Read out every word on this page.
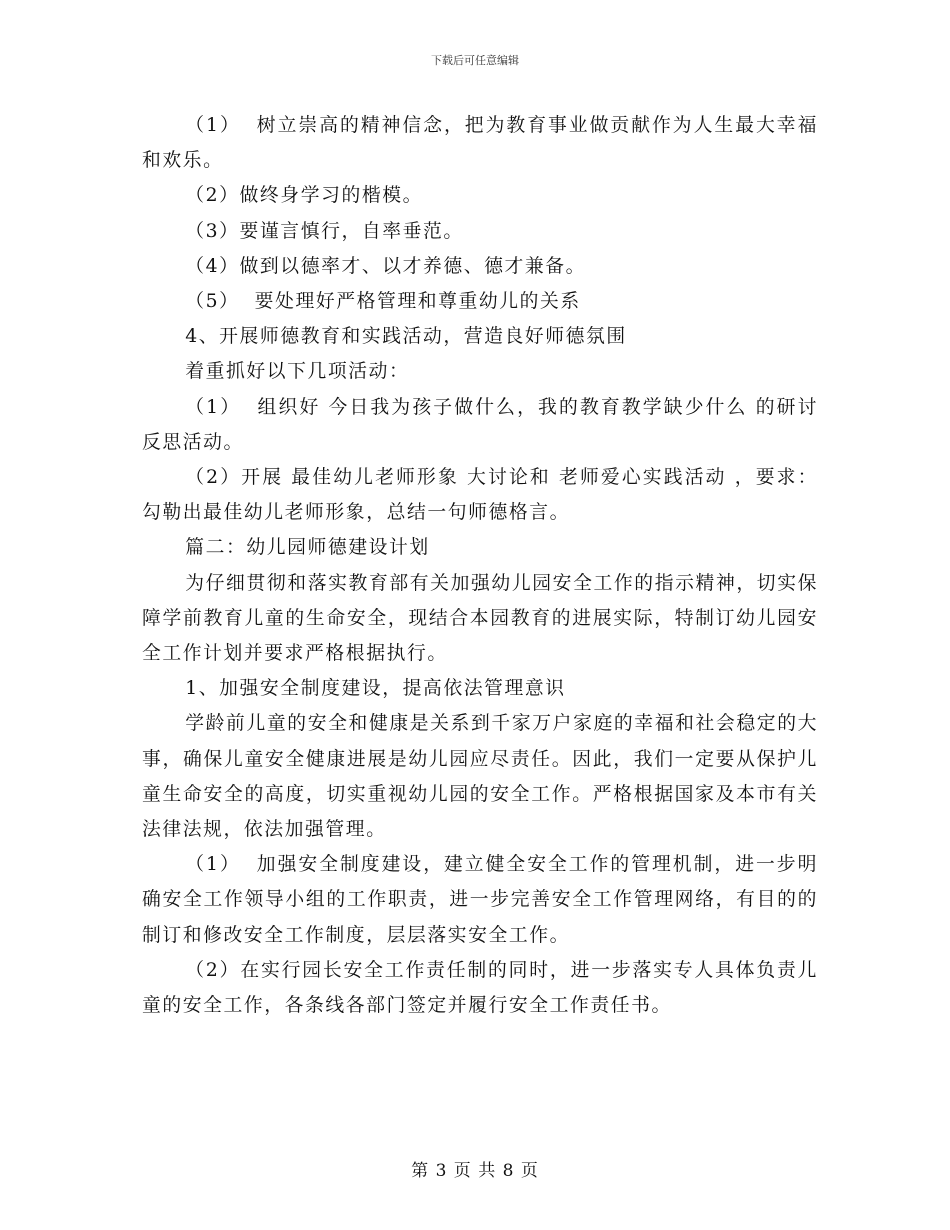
下载后可任意编辑

（1）  树立崇高的精神信念，把为教育事业做贡献作为人生最大幸福和欢乐。

（2）做终身学习的楷模。

（3）要谨言慎行，自率垂范。

（4）做到以德率才、以才养德、德才兼备。

（5）  要处理好严格管理和尊重幼儿的关系

4、开展师德教育和实践活动，营造良好师德氛围

着重抓好以下几项活动：

（1）  组织好 今日我为孩子做什么，我的教育教学缺少什么 的研讨反思活动。

（2）开展 最佳幼儿老师形象 大讨论和 老师爱心实践活动 ，要求：勾勒出最佳幼儿老师形象，总结一句师德格言。

篇二：幼儿园师德建设计划

为仔细贯彻和落实教育部有关加强幼儿园安全工作的指示精神，切实保障学前教育儿童的生命安全，现结合本园教育的进展实际，特制订幼儿园安全工作计划并要求严格根据执行。

1、加强安全制度建设，提高依法管理意识

学龄前儿童的安全和健康是关系到千家万户家庭的幸福和社会稳定的大事，确保儿童安全健康进展是幼儿园应尽责任。因此，我们一定要从保护儿童生命安全的高度，切实重视幼儿园的安全工作。严格根据国家及本市有关法律法规，依法加强管理。

（1）  加强安全制度建设，建立健全安全工作的管理机制，进一步明确安全工作领导小组的工作职责，进一步完善安全工作管理网络，有目的的制订和修改安全工作制度，层层落实安全工作。

（2）在实行园长安全工作责任制的同时，进一步落实专人具体负责儿童的安全工作，各条线各部门签定并履行安全工作责任书。

第 3 页 共 8 页
